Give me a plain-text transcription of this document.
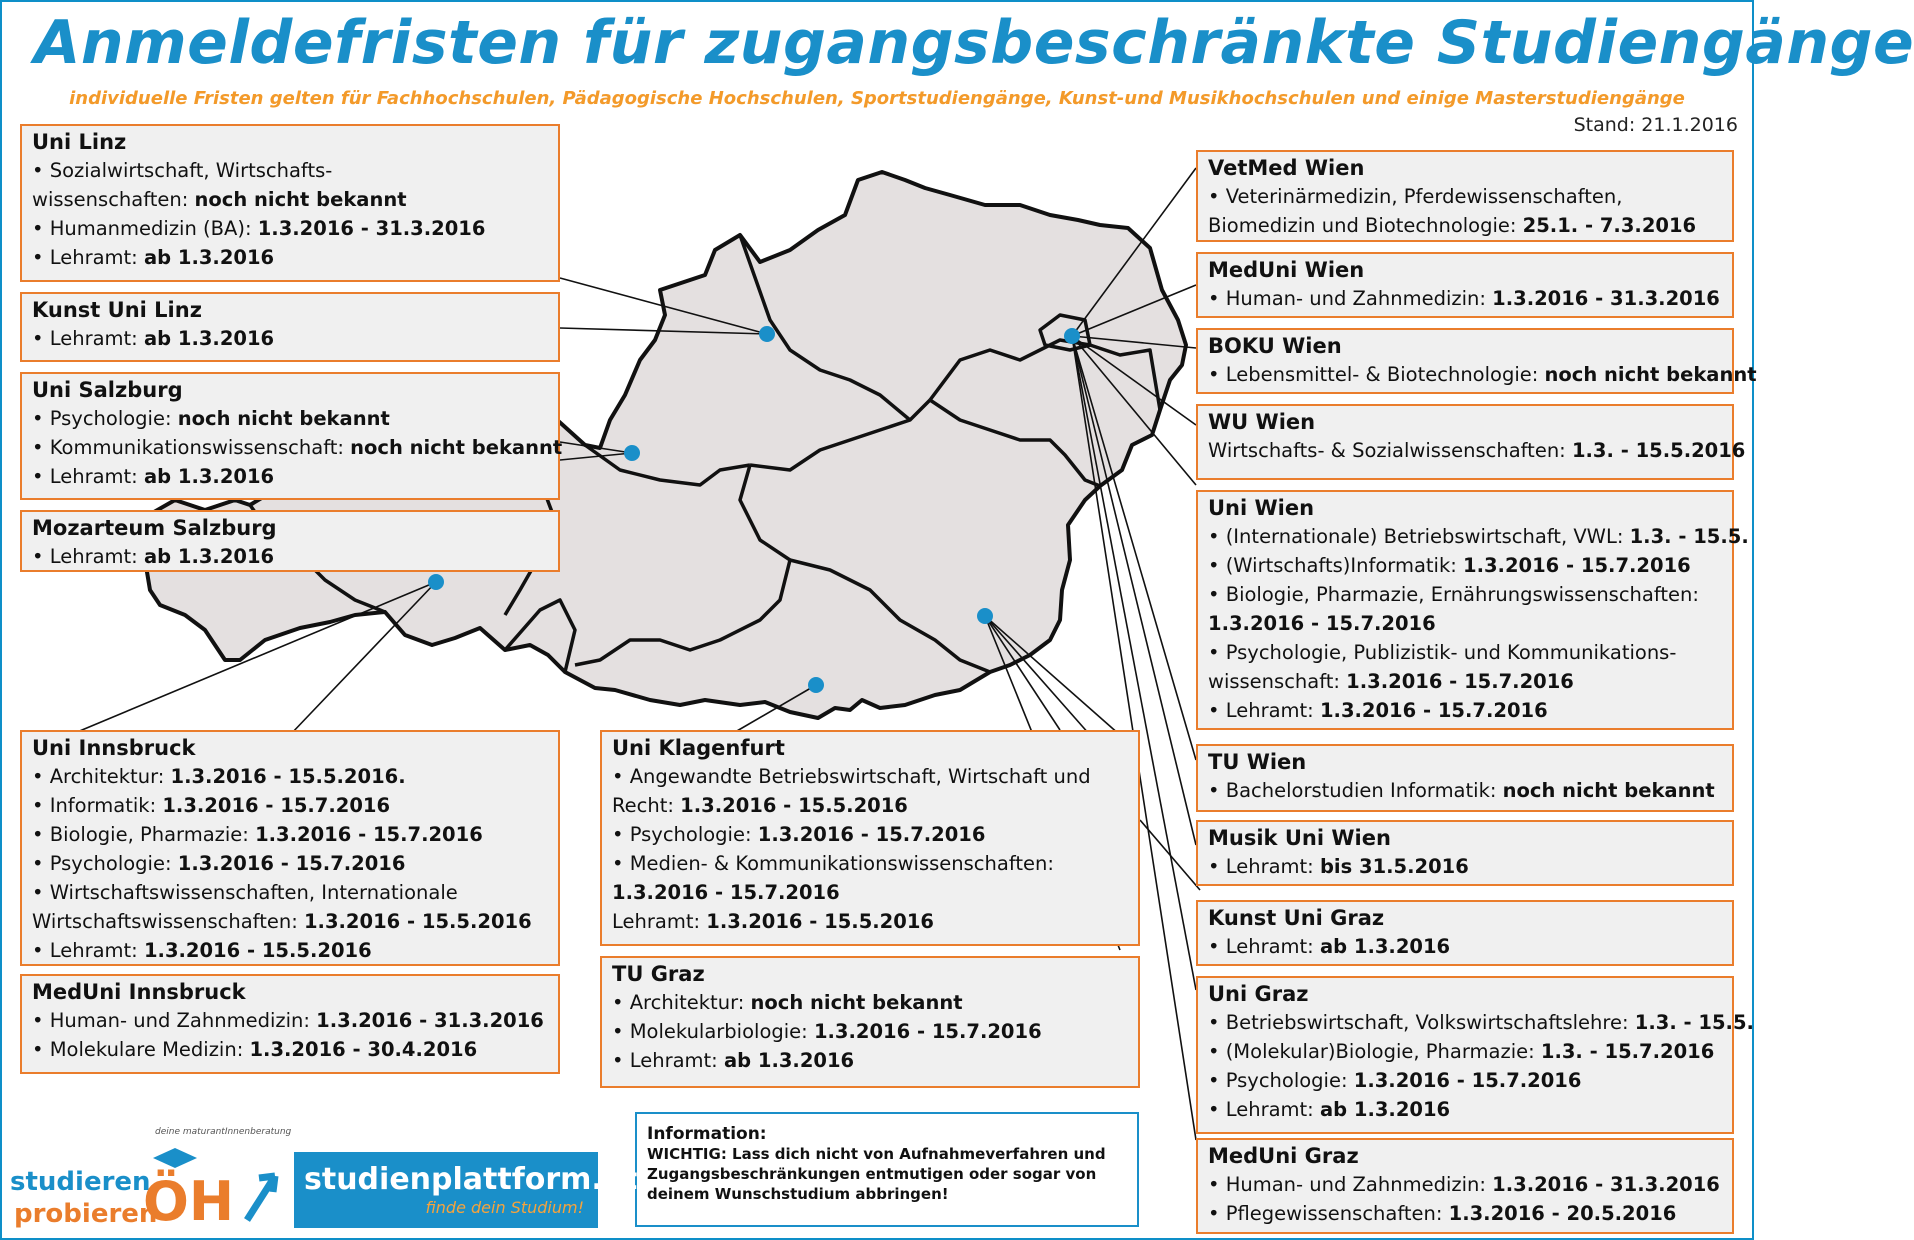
Anmeldefristen für zugangsbeschränkte Studiengänge
individuelle Fristen gelten für Fachhochschulen, Pädagogische Hochschulen, Sportstudiengänge, Kunst-und Musikhochschulen und einige Masterstudiengänge
Stand: 21.1.2016
Uni Linz
• Sozialwirtschaft, Wirtschafts-
wissenschaften: noch nicht bekannt
• Humanmedizin (BA): 1.3.2016 - 31.3.2016
• Lehramt: ab 1.3.2016
Kunst Uni Linz
• Lehramt: ab 1.3.2016
Uni Salzburg
• Psychologie: noch nicht bekannt
• Kommunikationswissenschaft: noch nicht bekannt
• Lehramt: ab 1.3.2016
Mozarteum Salzburg
• Lehramt: ab 1.3.2016
Uni Innsbruck
• Architektur: 1.3.2016 - 15.5.2016.
• Informatik: 1.3.2016 - 15.7.2016
• Biologie, Pharmazie: 1.3.2016 - 15.7.2016
• Psychologie: 1.3.2016 - 15.7.2016
• Wirtschaftswissenschaften, Internationale
Wirtschaftswissenschaften: 1.3.2016 - 15.5.2016
• Lehramt: 1.3.2016 - 15.5.2016
MedUni Innsbruck
• Human- und Zahnmedizin: 1.3.2016 - 31.3.2016
• Molekulare Medizin: 1.3.2016 - 30.4.2016
Uni Klagenfurt
• Angewandte Betriebswirtschaft, Wirtschaft und
Recht: 1.3.2016 - 15.5.2016
• Psychologie: 1.3.2016 - 15.7.2016
• Medien- & Kommunikationswissenschaften:
1.3.2016 - 15.7.2016
Lehramt: 1.3.2016 - 15.5.2016
TU Graz
• Architektur: noch nicht bekannt
• Molekularbiologie: 1.3.2016 - 15.7.2016
• Lehramt: ab 1.3.2016
VetMed Wien
• Veterinärmedizin, Pferdewissenschaften,
Biomedizin und Biotechnologie: 25.1. - 7.3.2016
MedUni Wien
• Human- und Zahnmedizin: 1.3.2016 - 31.3.2016
BOKU Wien
• Lebensmittel- & Biotechnologie: noch nicht bekannt
WU Wien
Wirtschafts- & Sozialwissenschaften: 1.3. - 15.5.2016
Uni Wien
• (Internationale) Betriebswirtschaft, VWL: 1.3. - 15.5.
• (Wirtschafts)Informatik: 1.3.2016 - 15.7.2016
• Biologie, Pharmazie, Ernährungswissenschaften:
1.3.2016 - 15.7.2016
• Psychologie, Publizistik- und Kommunikations-
wissenschaft: 1.3.2016 - 15.7.2016
• Lehramt: 1.3.2016 - 15.7.2016
TU Wien
• Bachelorstudien Informatik: noch nicht bekannt
Musik Uni Wien
• Lehramt: bis 31.5.2016
Kunst Uni Graz
• Lehramt: ab 1.3.2016
Uni Graz
• Betriebswirtschaft, Volkswirtschaftslehre: 1.3. - 15.5.
• (Molekular)Biologie, Pharmazie: 1.3. - 15.7.2016
• Psychologie: 1.3.2016 - 15.7.2016
• Lehramt: ab 1.3.2016
MedUni Graz
• Human- und Zahnmedizin: 1.3.2016 - 31.3.2016
• Pflegewissenschaften: 1.3.2016 - 20.5.2016
Information:
WICHTIG: Lass dich nicht von Aufnahmeverfahren und Zugangsbeschränkungen entmutigen oder sogar von deinem Wunschstudium abbringen!
studieren
probieren
deine maturantInnenberatung
ÖH studienplattform.at
finde dein Studium!
